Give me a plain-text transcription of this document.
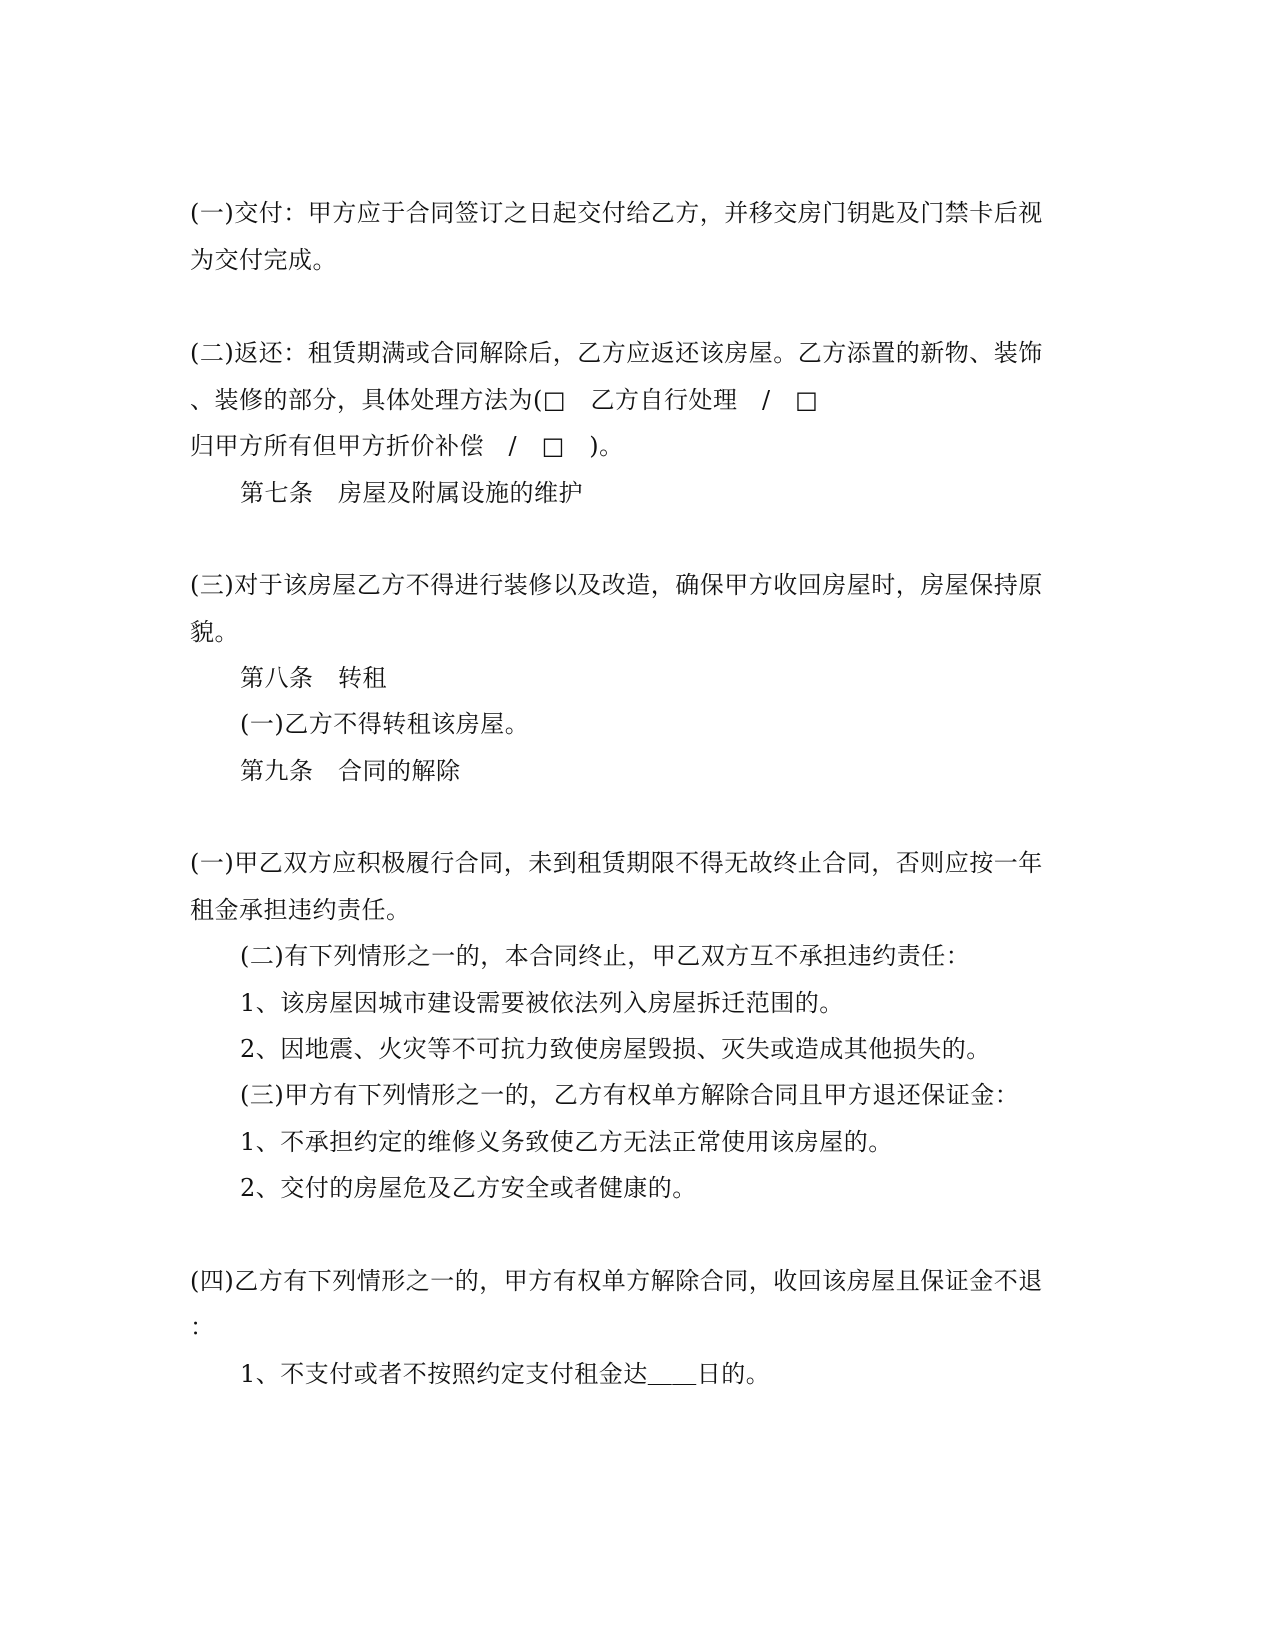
(一)交付：甲方应于合同签订之日起交付给乙方，并移交房门钥匙及门禁卡后视
为交付完成。
(二)返还：租赁期满或合同解除后，乙方应返还该房屋。乙方添置的新物、装饰
、装修的部分，具体处理方法为(□　乙方自行处理　/　□
归甲方所有但甲方折价补偿　/　□　)。
第七条　房屋及附属设施的维护
(三)对于该房屋乙方不得进行装修以及改造，确保甲方收回房屋时，房屋保持原
貌。
第八条　转租
(一)乙方不得转租该房屋。
第九条　合同的解除
(一)甲乙双方应积极履行合同，未到租赁期限不得无故终止合同，否则应按一年
租金承担违约责任。
(二)有下列情形之一的，本合同终止，甲乙双方互不承担违约责任：
1、该房屋因城市建设需要被依法列入房屋拆迁范围的。
2、因地震、火灾等不可抗力致使房屋毁损、灭失或造成其他损失的。
(三)甲方有下列情形之一的，乙方有权单方解除合同且甲方退还保证金：
1、不承担约定的维修义务致使乙方无法正常使用该房屋的。
2、交付的房屋危及乙方安全或者健康的。
(四)乙方有下列情形之一的，甲方有权单方解除合同，收回该房屋且保证金不退
：
1、不支付或者不按照约定支付租金达＿＿日的。
